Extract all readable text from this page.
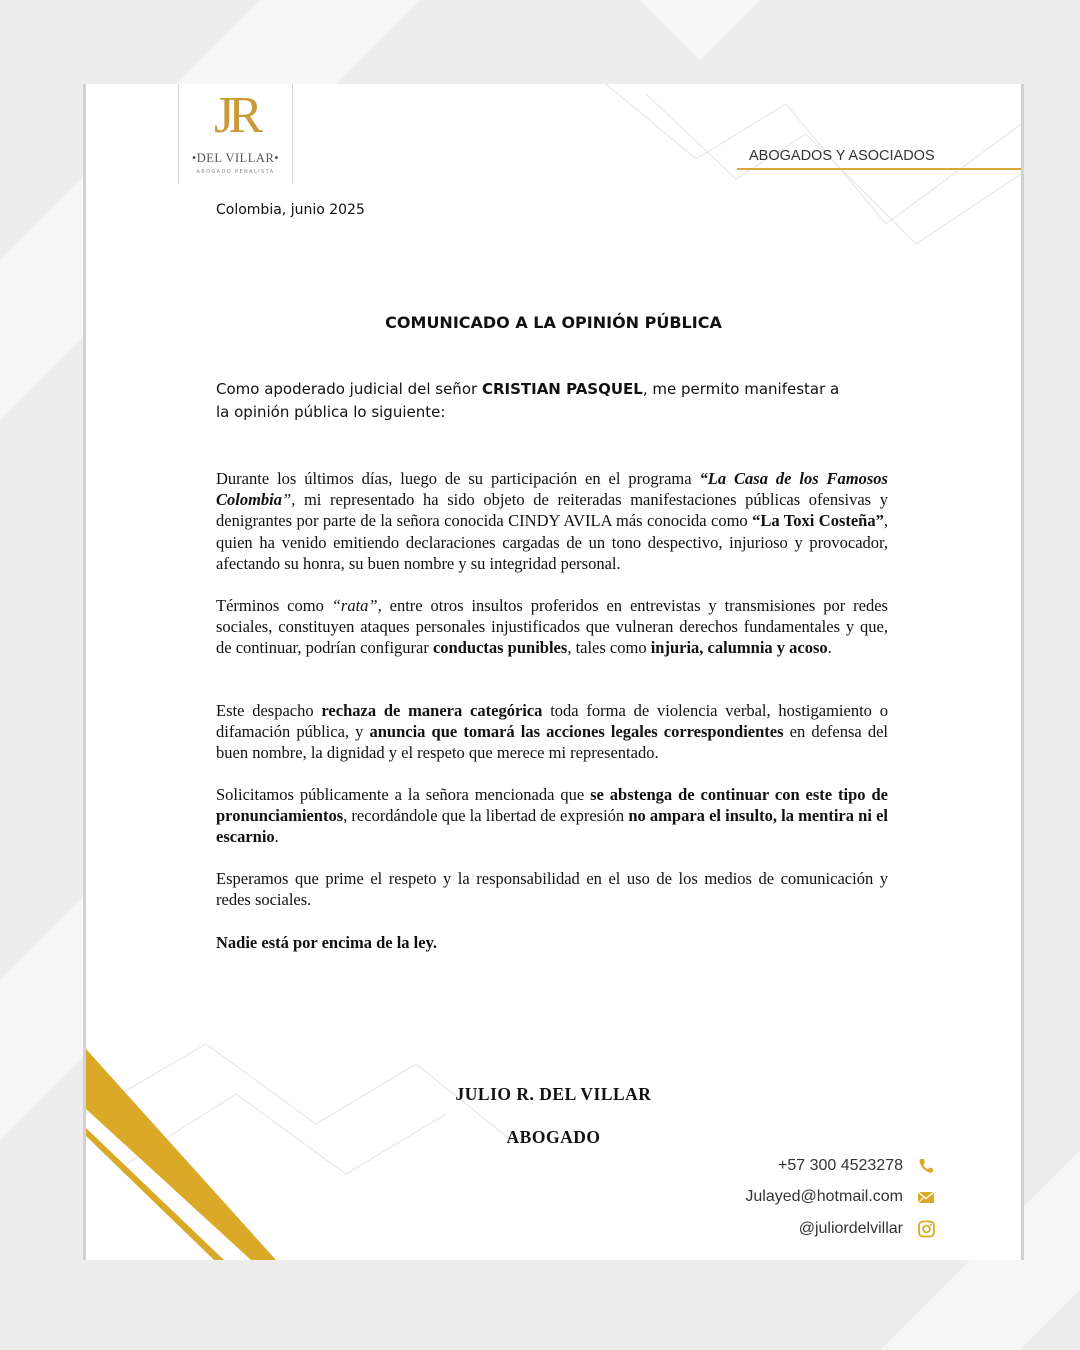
JR
•DEL VILLAR•
ABOGADO PENALISTA
ABOGADOS Y ASOCIADOS
Colombia, junio 2025
COMUNICADO A LA OPINIÓN PÚBLICA
Como apoderado judicial del señor CRISTIAN PASQUEL, me permito manifestar a la opinión pública lo siguiente:

Durante los últimos días, luego de su participación en el programa “La Casa de los Famosos Colombia”, mi representado ha sido objeto de reiteradas manifestaciones públicas ofensivas y denigrantes por parte de la señora conocida CINDY AVILA más conocida como “La Toxi Costeña”, quien ha venido emitiendo declaraciones cargadas de un tono despectivo, injurioso y provocador, afectando su honra, su buen nombre y su integridad personal.

Términos como “rata”, entre otros insultos proferidos en entrevistas y transmisiones por redes sociales, constituyen ataques personales injustificados que vulneran derechos fundamentales y que, de continuar, podrían configurar conductas punibles, tales como injuria, calumnia y acoso.

Este despacho rechaza de manera categórica toda forma de violencia verbal, hostigamiento o difamación pública, y anuncia que tomará las acciones legales correspondientes en defensa del buen nombre, la dignidad y el respeto que merece mi representado.

Solicitamos públicamente a la señora mencionada que se abstenga de continuar con este tipo de pronunciamientos, recordándole que la libertad de expresión no ampara el insulto, la mentira ni el escarnio.

Esperamos que prime el respeto y la responsabilidad en el uso de los medios de comunicación y redes sociales.

Nadie está por encima de la ley.

JULIO R. DEL VILLAR
ABOGADO
+57 300 4523278
Julayed@hotmail.com
@juliordelvillar
